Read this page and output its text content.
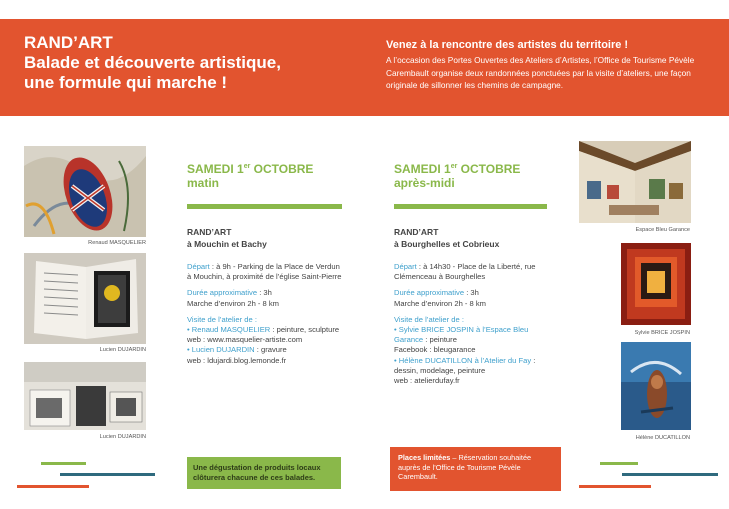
RAND’ART
Balade et découverte artistique,
une formule qui marche !
Venez à la rencontre des artistes du territoire !

A l’occasion des Portes Ouvertes des Ateliers d’Artistes, l’Office de Tourisme Pévèle Carembault organise deux randonnées ponctuées par la visite d’ateliers, une façon originale de sillonner les chemins de campagne.

Renaud MASQUELIER
Lucien DUJARDIN
Lucien DUJARDIN
SAMEDI 1er OCTOBRE
matin
RAND’ART
à Mouchin et Bachy
Départ : à 9h - Parking de la Place de Verdun à Mouchin, à proximité de l’église Saint-Pierre
Durée approximative : 3h
Marche d’environ 2h - 8 km
Visite de l’atelier de :
• Renaud MASQUELIER : peinture, sculpture
web : www.masquelier-artiste.com
• Lucien DUJARDIN : gravure
web : ldujardi.blog.lemonde.fr
SAMEDI 1er OCTOBRE
après-midi
RAND’ART
à Bourghelles et Cobrieux
Départ : à 14h30 - Place de la Liberté, rue Clémenceau à Bourghelles
Durée approximative : 3h
Marche d’environ 2h - 8 km
Visite de l’atelier de :
• Sylvie BRICE JOSPIN à l’Espace Bleu Garance : peinture
Facebook : bleugarance
• Hélène DUCATILLON à l’Atelier du Fay : dessin, modelage, peinture
web : atelierdufay.fr
Espace Bleu Garance
Sylvie BRICE JOSPIN
Hélène DUCATILLON
Une dégustation de produits locaux clôturera chacune de ces balades.
Places limitées – Réservation souhaitée auprès de l’Office de Tourisme Pévèle Carembault.
